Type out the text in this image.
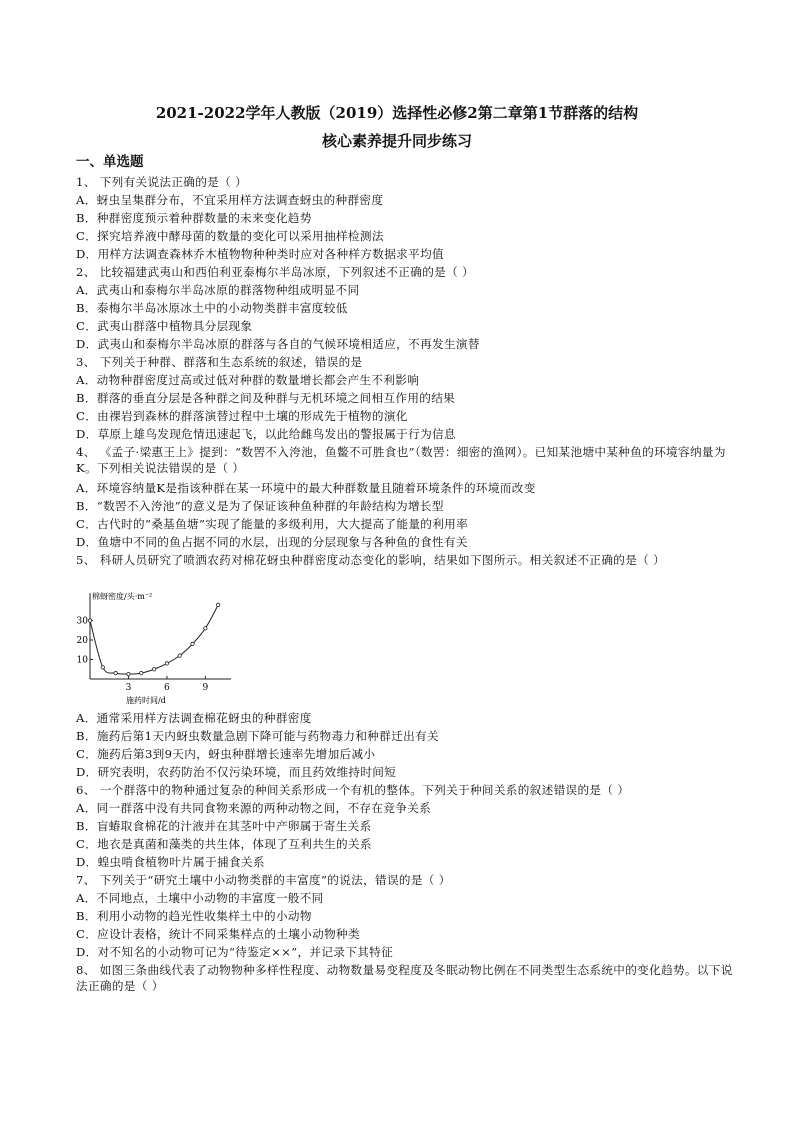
2021-2022学年人教版（2019）选择性必修2第二章第1节群落的结构
核心素养提升同步练习
一、单选题
1、 下列有关说法正确的是（ ）
A．蚜虫呈集群分布，不宜采用样方法调查蚜虫的种群密度
B．种群密度预示着种群数量的未来变化趋势
C．探究培养液中酵母菌的数量的变化可以采用抽样检测法
D．用样方法调查森林乔木植物物种种类时应对各种样方数据求平均值
2、 比较福建武夷山和西伯利亚泰梅尔半岛冰原，下列叙述不正确的是（ ）
A．武夷山和泰梅尔半岛冰原的群落物种组成明显不同
B．泰梅尔半岛冰原冰土中的小动物类群丰富度较低
C．武夷山群落中植物具分层现象
D．武夷山和泰梅尔半岛冰原的群落与各自的气候环境相适应，不再发生演替
3、 下列关于种群、群落和生态系统的叙述，错误的是
A．动物种群密度过高或过低对种群的数量增长都会产生不利影响
B．群落的垂直分层是各种群之间及种群与无机环境之间相互作用的结果
C．由裸岩到森林的群落演替过程中土壤的形成先于植物的演化
D．草原上雄鸟发现危情迅速起飞，以此给雌鸟发出的警报属于行为信息
4、 《孟子·梁惠王上》提到：“数罟不入洿池，鱼鳖不可胜食也”（数罟：细密的渔网）。已知某池塘中某种鱼的环境容纳量为K。下列相关说法错误的是（ ）
A．环境容纳量K是指该种群在某一环境中的最大种群数量且随着环境条件的环境而改变
B．“数罟不入洿池”的意义是为了保证该种鱼种群的年龄结构为增长型
C．古代时的“桑基鱼塘”实现了能量的多级利用，大大提高了能量的利用率
D．鱼塘中不同的鱼占据不同的水层，出现的分层现象与各种鱼的食性有关
5、 科研人员研究了喷洒农药对棉花蚜虫种群密度动态变化的影响，结果如下图所示。相关叙述不正确的是（ ）
棉蚜密度/头·m⁻²
施药时间/d
10
20
30
3	6	9
A．通常采用样方法调查棉花蚜虫的种群密度
B．施药后第1天内蚜虫数量急剧下降可能与药物毒力和种群迁出有关
C．施药后第3到9天内，蚜虫种群增长速率先增加后减小
D．研究表明，农药防治不仅污染环境，而且药效维持时间短
6、 一个群落中的物种通过复杂的种间关系形成一个有机的整体。下列关于种间关系的叙述错误的是（ ）
A．同一群落中没有共同食物来源的两种动物之间，不存在竞争关系
B．盲蝽取食棉花的汁液并在其茎叶中产卵属于寄生关系
C．地衣是真菌和藻类的共生体，体现了互利共生的关系
D．蝗虫啃食植物叶片属于捕食关系
7、 下列关于“研究土壤中小动物类群的丰富度”的说法，错误的是（ ）
A．不同地点，土壤中小动物的丰富度一般不同
B．利用小动物的趋光性收集样土中的小动物
C．应设计表格，统计不同采集样点的土壤小动物种类
D．对不知名的小动物可记为“待鉴定××”，并记录下其特征
8、 如图三条曲线代表了动物物种多样性程度、动物数量易变程度及冬眠动物比例在不同类型生态系统中的变化趋势。以下说法正确的是（ ）
